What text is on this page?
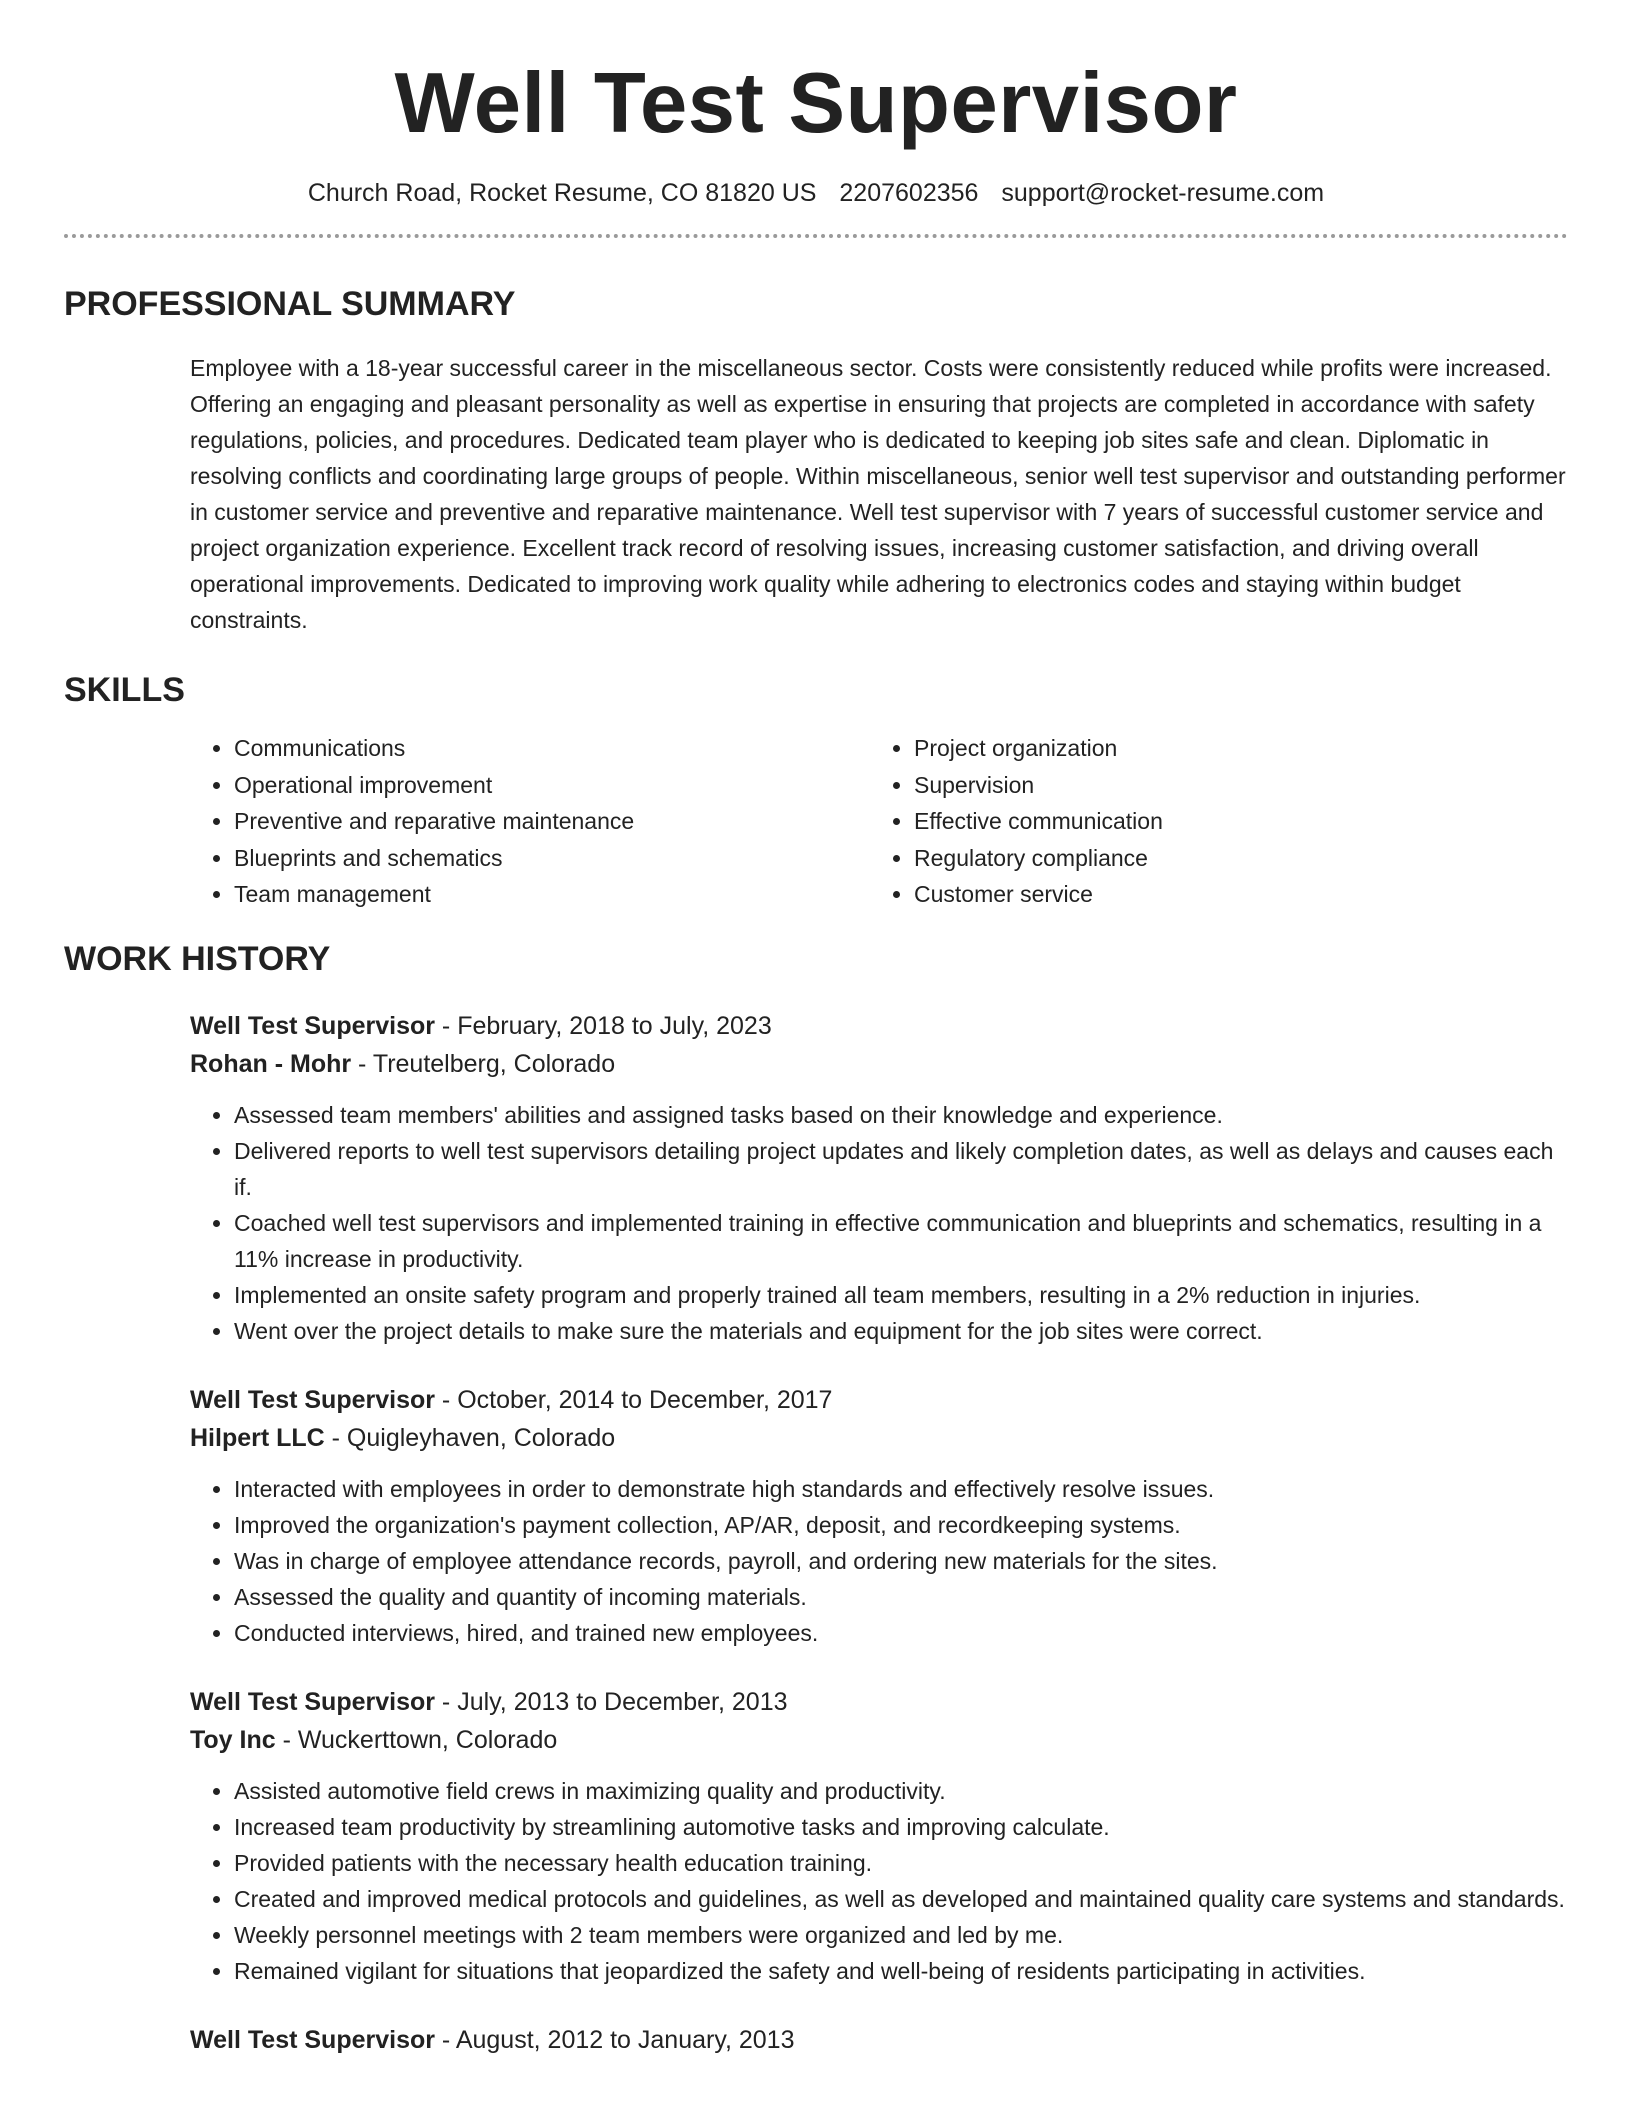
Well Test Supervisor
Church Road, Rocket Resume, CO 81820 US 2207602356 support@rocket-resume.com
PROFESSIONAL SUMMARY

Employee with a 18-year successful career in the miscellaneous sector. Costs were consistently reduced while profits were increased. Offering an engaging and pleasant personality as well as expertise in ensuring that projects are completed in accordance with safety regulations, policies, and procedures. Dedicated team player who is dedicated to keeping job sites safe and clean. Diplomatic in resolving conflicts and coordinating large groups of people. Within miscellaneous, senior well test supervisor and outstanding performer in customer service and preventive and reparative maintenance. Well test supervisor with 7 years of successful customer service and project organization experience. Excellent track record of resolving issues, increasing customer satisfaction, and driving overall operational improvements. Dedicated to improving work quality while adhering to electronics codes and staying within budget constraints.

SKILLS
• Communications
• Operational improvement
• Preventive and reparative maintenance
• Blueprints and schematics
• Team management
• Project organization
• Supervision
• Effective communication
• Regulatory compliance
• Customer service
WORK HISTORY
Well Test Supervisor - February, 2018 to July, 2023
Rohan - Mohr - Treutelberg, Colorado
• Assessed team members' abilities and assigned tasks based on their knowledge and experience.
• Delivered reports to well test supervisors detailing project updates and likely completion dates, as well as delays and causes each if.
• Coached well test supervisors and implemented training in effective communication and blueprints and schematics, resulting in a 11% increase in productivity.
• Implemented an onsite safety program and properly trained all team members, resulting in a 2% reduction in injuries.
• Went over the project details to make sure the materials and equipment for the job sites were correct.
Well Test Supervisor - October, 2014 to December, 2017
Hilpert LLC - Quigleyhaven, Colorado
• Interacted with employees in order to demonstrate high standards and effectively resolve issues.
• Improved the organization's payment collection, AP/AR, deposit, and recordkeeping systems.
• Was in charge of employee attendance records, payroll, and ordering new materials for the sites.
• Assessed the quality and quantity of incoming materials.
• Conducted interviews, hired, and trained new employees.
Well Test Supervisor - July, 2013 to December, 2013
Toy Inc - Wuckerttown, Colorado
• Assisted automotive field crews in maximizing quality and productivity.
• Increased team productivity by streamlining automotive tasks and improving calculate.
• Provided patients with the necessary health education training.
• Created and improved medical protocols and guidelines, as well as developed and maintained quality care systems and standards.
• Weekly personnel meetings with 2 team members were organized and led by me.
• Remained vigilant for situations that jeopardized the safety and well-being of residents participating in activities.
Well Test Supervisor - August, 2012 to January, 2013
